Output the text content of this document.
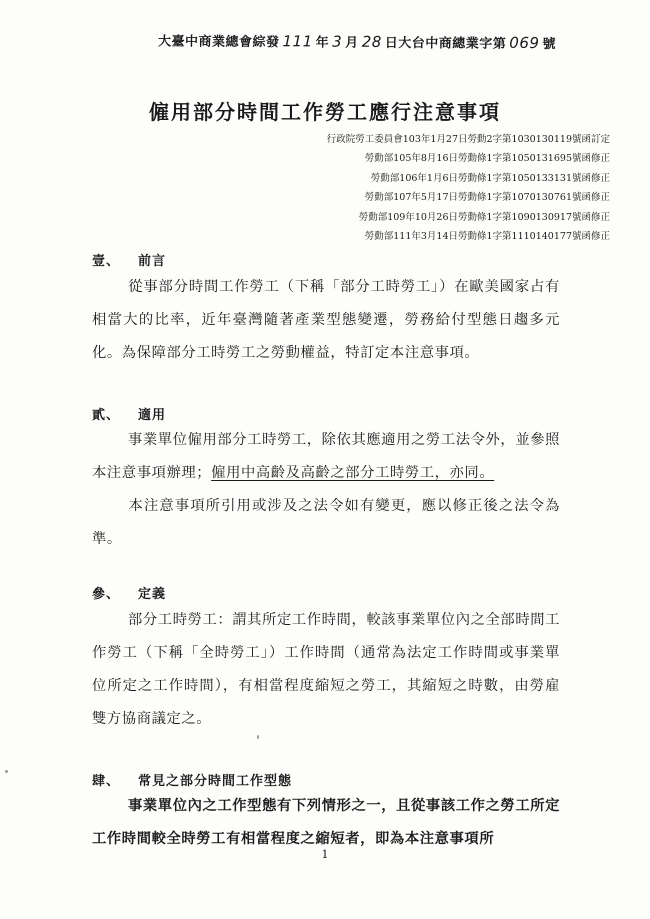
大臺中商業總會綜發 111 年 3 月 28 日大台中商總業字第 069 號
僱用部分時間工作勞工應行注意事項
行政院勞工委員會103年1月27日勞動2字第1030130119號函訂定
勞動部105年8月16日勞動條1字第1050131695號函修正
勞動部106年1月6日勞動條1字第1050133131號函修正
勞動部107年5月17日勞動條1字第1070130761號函修正
勞動部109年10月26日勞動條1字第1090130917號函修正
勞動部111年3月14日勞動條1字第1110140177號函修正
壹、 前言
從事部分時間工作勞工（下稱「部分工時勞工」）在歐美國家占有相當大的比率，近年臺灣隨著產業型態變遷，勞務給付型態日趨多元化。為保障部分工時勞工之勞動權益，特訂定本注意事項。
貳、 適用
事業單位僱用部分工時勞工，除依其應適用之勞工法令外，並參照本注意事項辦理；僱用中高齡及高齡之部分工時勞工，亦同。
本注意事項所引用或涉及之法令如有變更，應以修正後之法令為準。
參、 定義
部分工時勞工：謂其所定工作時間，較該事業單位內之全部時間工作勞工（下稱「全時勞工」）工作時間（通常為法定工作時間或事業單位所定之工作時間），有相當程度縮短之勞工，其縮短之時數，由勞雇雙方協商議定之。
肆、 常見之部分時間工作型態
事業單位內之工作型態有下列情形之一，且從事該工作之勞工所定工作時間較全時勞工有相當程度之縮短者，即為本注意事項所
1
